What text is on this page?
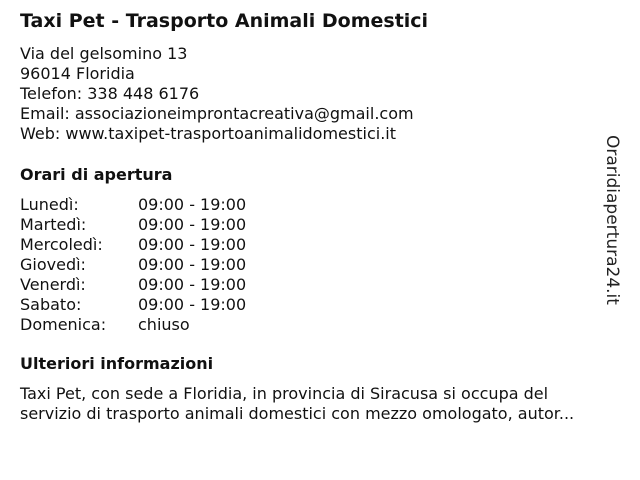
Taxi Pet - Trasporto Animali Domestici
Via del gelsomino 13
96014 Floridia
Telefon: 338 448 6176
Email: associazioneimprontacreativa@gmail.com
Web: www.taxipet-trasportoanimalidomestici.it
Orari di apertura
Lunedì:	09:00 - 19:00
Martedì:	09:00 - 19:00
Mercoledì:	09:00 - 19:00
Giovedì:	09:00 - 19:00
Venerdì:	09:00 - 19:00
Sabato:	09:00 - 19:00
Domenica:	chiuso
Ulteriori informazioni
Taxi Pet, con sede a Floridia, in provincia di Siracusa si occupa del
servizio di trasporto animali domestici con mezzo omologato, autor...
Oraridiapertura24.it
